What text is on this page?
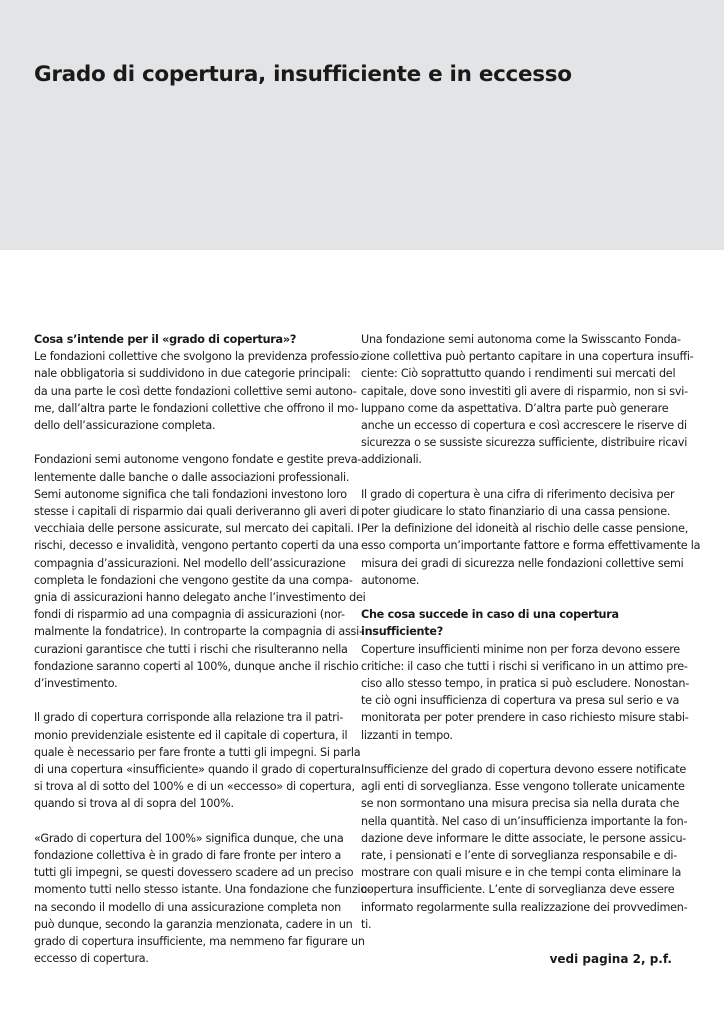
Grado di copertura, insufficiente e in eccesso

Cosa s’intende per il «grado di copertura»?

Le fondazioni collettive che svolgono la previdenza professio-
nale obbligatoria si suddividono in due categorie principali:
da una parte le così dette fondazioni collettive semi autono-
me, dall’altra parte le fondazioni collettive che offrono il mo-
dello dell’assicurazione completa.

Fondazioni semi autonome vengono fondate e gestite preva-
lentemente dalle banche o dalle associazioni professionali.
Semi autonome significa che tali fondazioni investono loro
stesse i capitali di risparmio dai quali deriveranno gli averi di
vecchiaia delle persone assicurate, sul mercato dei capitali. I
rischi, decesso e invalidità, vengono pertanto coperti da una
compagnia d’assicurazioni. Nel modello dell’assicurazione
completa le fondazioni che vengono gestite da una compa-
gnia di assicurazioni hanno delegato anche l’investimento dei
fondi di risparmio ad una compagnia di assicurazioni (nor-
malmente la fondatrice). In controparte la compagnia di assi-
curazioni garantisce che tutti i rischi che risulteranno nella
fondazione saranno coperti al 100%, dunque anche il rischio
d’investimento.

Il grado di copertura corrisponde alla relazione tra il patri-
monio previdenziale esistente ed il capitale di copertura, il
quale è necessario per fare fronte a tutti gli impegni. Si parla
di una copertura «insufficiente» quando il grado di copertura
si trova al di sotto del 100% e di un «eccesso» di copertura,
quando si trova al di sopra del 100%.

«Grado di copertura del 100%» significa dunque, che una
fondazione collettiva è in grado di fare fronte per intero a
tutti gli impegni, se questi dovessero scadere ad un preciso
momento tutti nello stesso istante. Una fondazione che funzio-
na secondo il modello di una assicurazione completa non
può dunque, secondo la garanzia menzionata, cadere in un
grado di copertura insufficiente, ma nemmeno far figurare un
eccesso di copertura.

Una fondazione semi autonoma come la Swisscanto Fonda-
zione collettiva può pertanto capitare in una copertura insuffi-
ciente: Ciò soprattutto quando i rendimenti sui mercati del
capitale, dove sono investiti gli avere di risparmio, non si svi-
luppano come da aspettativa. D’altra parte può generare
anche un eccesso di copertura e così accrescere le riserve di
sicurezza o se sussiste sicurezza sufficiente, distribuire ricavi
addizionali.

Il grado di copertura è una cifra di riferimento decisiva per
poter giudicare lo stato finanziario di una cassa pensione.
Per la definizione del idoneità al rischio delle casse pensione,
esso comporta un’importante fattore e forma effettivamente la
misura dei gradi di sicurezza nelle fondazioni collettive semi
autonome.

Che cosa succede in caso di una copertura
insufficiente?

Coperture insufficienti minime non per forza devono essere
critiche: il caso che tutti i rischi si verificano in un attimo pre-
ciso allo stesso tempo, in pratica si può escludere. Nonostan-
te ciò ogni insufficienza di copertura va presa sul serio e va
monitorata per poter prendere in caso richiesto misure stabi-
lizzanti in tempo.

Insufficienze del grado di copertura devono essere notificate
agli enti di sorveglianza. Esse vengono tollerate unicamente
se non sormontano una misura precisa sia nella durata che
nella quantità. Nel caso di un’insufficienza importante la fon-
dazione deve informare le ditte associate, le persone assicu-
rate, i pensionati e l’ente di sorveglianza responsabile e di-
mostrare con quali misure e in che tempi conta eliminare la
copertura insufficiente. L’ente di sorveglianza deve essere
informato regolarmente sulla realizzazione dei provvedimen-
ti.

vedi pagina 2, p.f.
